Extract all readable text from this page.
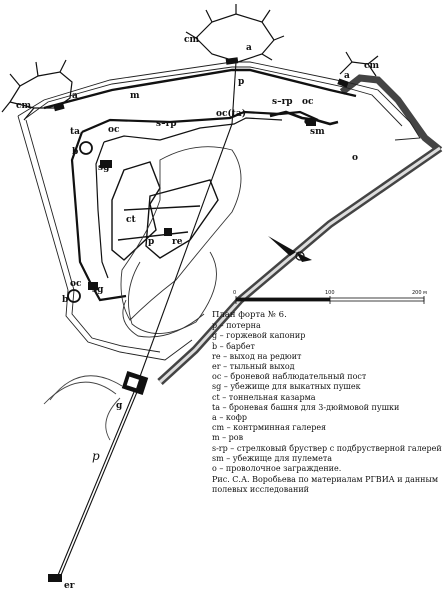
0	100	200 м
cm
a
p
cm
a
cm
a
m
s–rp
s–rp
oc
oc(ta)
oc
oc
oc
sm
ta
b
b
sg
sg
ct
p re
o
g
p
er
План форта № 6.
p – потерна
g – горжевой капонир
b – барбет
re – выход на редюит
er – тыльный выход
oc – броневой наблюдательный пост
sg – убежище для выкатных пушек
ct – тоннельная казарма
ta – броневая башня для 3-дюймовой пушки
a – кофр
cm – контрминная галерея
m – ров
s-rp – стрелковый бруствер с подбрустверной галерей
sm – убежище для пулемета
o – проволочное заграждение.
Рис. С.А. Воробьева по материалам РГВИА и данным полевых исследований
